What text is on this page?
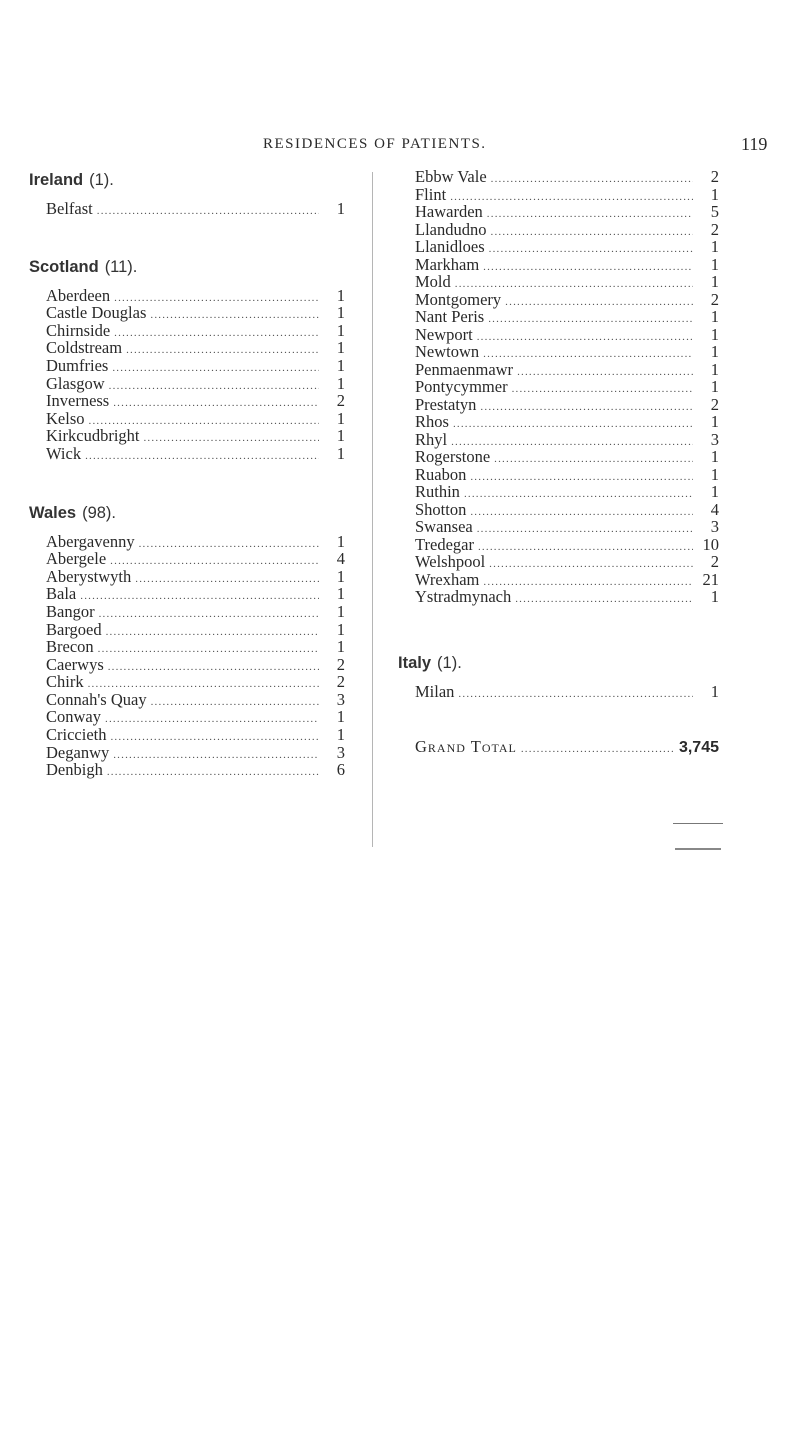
RESIDENCES OF PATIENTS.	119
Ireland (1).
Belfast .....	1
Scotland (11).
Aberdeen .....	1
Castle Douglas .....	1
Chirnside .....	1
Coldstream .....	1
Dumfries .....	1
Glasgow .....	1
Inverness .....	2
Kelso .....	1
Kirkcudbright .....	1
Wick .....	1
Wales (98).
Abergavenny .....	1
Abergele .....	4
Aberystwyth .....	1
Bala .....	1
Bangor .....	1
Bargoed .....	1
Brecon .....	1
Caerwys .....	2
Chirk .....	2
Connah's Quay .....	3
Conway .....	1
Criccieth .....	1
Deganwy .....	3
Denbigh .....	6
Ebbw Vale .....	2
Flint .....	1
Hawarden .....	5
Llandudno .....	2
Llanidloes .....	1
Markham .....	1
Mold .....	1
Montgomery .....	2
Nant Peris .....	1
Newport .....	1
Newtown .....	1
Penmaenmawr .....	1
Pontycymmer .....	1
Prestatyn .....	2
Rhos .....	1
Rhyl .....	3
Rogerstone .....	1
Ruabon .....	1
Ruthin .....	1
Shotton .....	4
Swansea .....	3
Tredegar .....	10
Welshpool .....	2
Wrexham .....	21
Ystradmynach .....	1
Italy (1).
Milan .....	1
Grand Total .....	3,745
